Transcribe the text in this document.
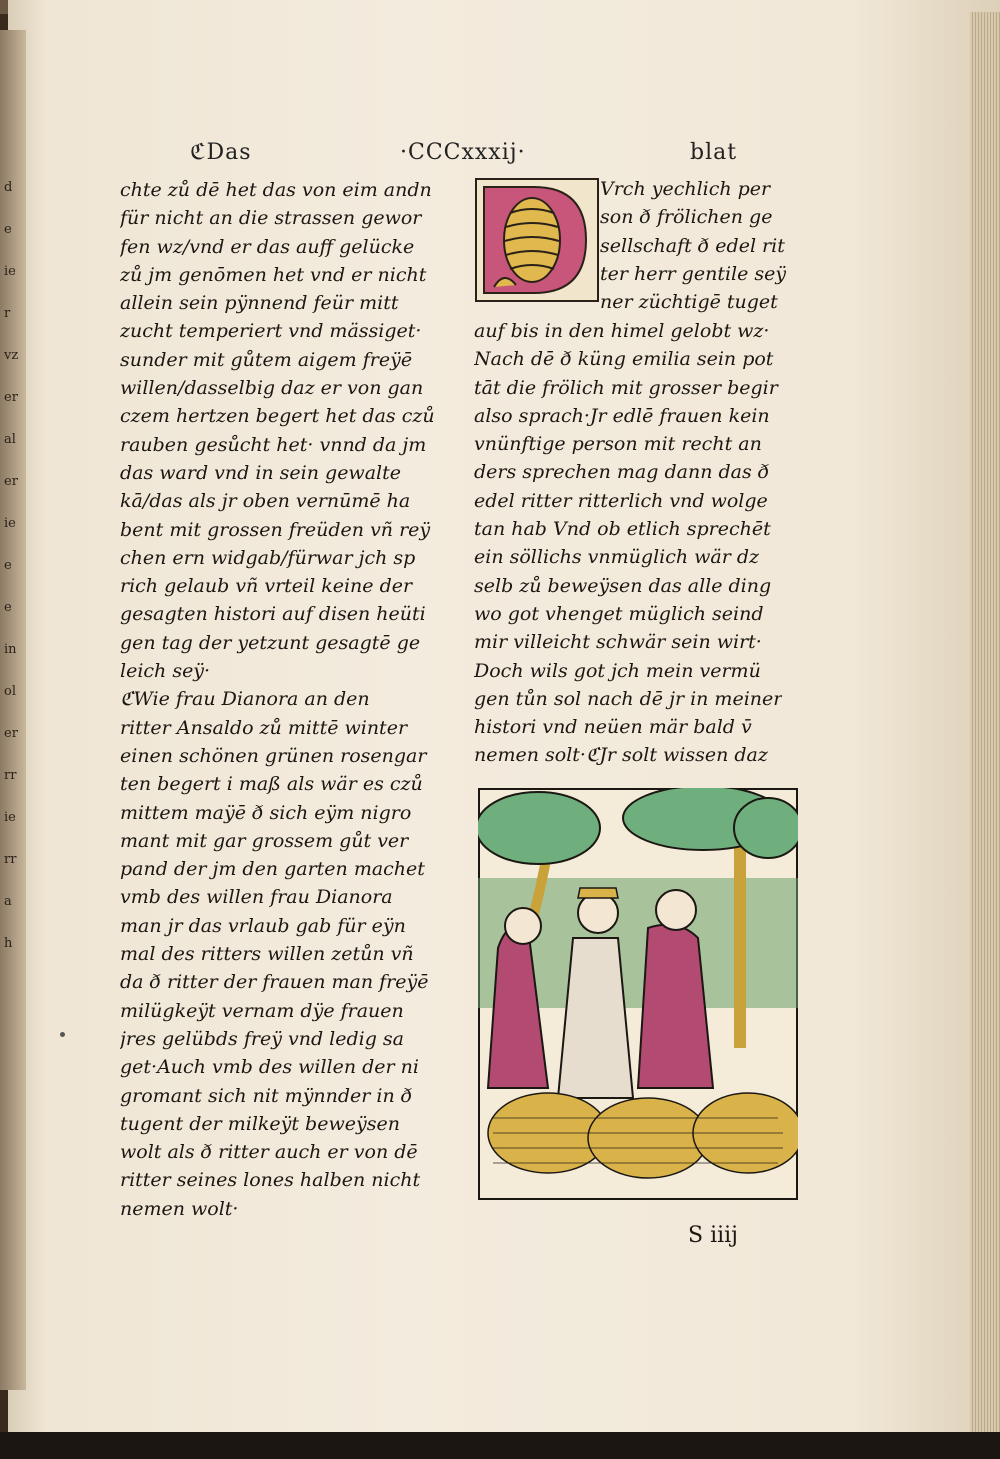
d
e
ie
r
vz
er
al
er
ie
e
e
in
ol
er
rr
ie
rr
a
h
ℭDas	·CCCxxxij·	blat
chte zů dē het das von eim andn
für nicht an die strassen gewor
fen wz/vnd er das auff gelücke
zů jm genōmen het vnd er nicht
allein sein pÿnnend feür mitt
zucht temperiert vnd mässiget·
sunder mit gůtem aigem freÿē
willen/dasselbig daz er von gan
czem hertzen begert het das czů
rauben gesůcht het· vnnd da jm
das ward vnd in sein gewalte
kā/das als jr oben vernūmē ha
bent mit grossen freüden vñ reÿ
chen ern widgab/fürwar jch sp
rich gelaub vñ vrteil keine der
gesagten histori auf disen heüti
gen tag der yetzunt gesagtē ge
leich seÿ·
ℭWie frau Dianora an den
ritter Ansaldo zů mittē winter
einen schönen grünen rosengar
ten begert i maß als wär es czů
mittem maÿē ð sich eÿm nigro
mant mit gar grossem gůt ver
pand der jm den garten machet
vmb des willen frau Dianora
man jr das vrlaub gab für eÿn
mal des ritters willen zetůn vñ
da ð ritter der frauen man freÿē
milügkeÿt vernam dÿe frauen
jres gelübds freÿ vnd ledig sa
get·Auch vmb des willen der ni
gromant sich nit mÿnnder in ð
tugent der milkeÿt beweÿsen
wolt als ð ritter auch er von dē
ritter seines lones halben nicht
nemen wolt·
Vrch yechlich per
son ð frölichen ge
sellschaft ð edel rit
ter herr gentile seÿ
ner züchtigē tuget
auf bis in den himel gelobt wz·
Nach dē ð küng emilia sein pot
tāt die frölich mit grosser begir
also sprach·Jr edlē frauen kein
vnünftige person mit recht an
ders sprechen mag dann das ð
edel ritter ritterlich vnd wolge
tan hab Vnd ob etlich sprechēt
ein söllichs vnmüglich wär dz
selb zů beweÿsen das alle ding
wo got vhenget müglich seind
mir villeicht schwär sein wirt·
Doch wils got jch mein vermü
gen tůn sol nach dē jr in meiner
histori vnd neüen mär bald v̄
nemen solt·ℭJr solt wissen daz
S iiij
